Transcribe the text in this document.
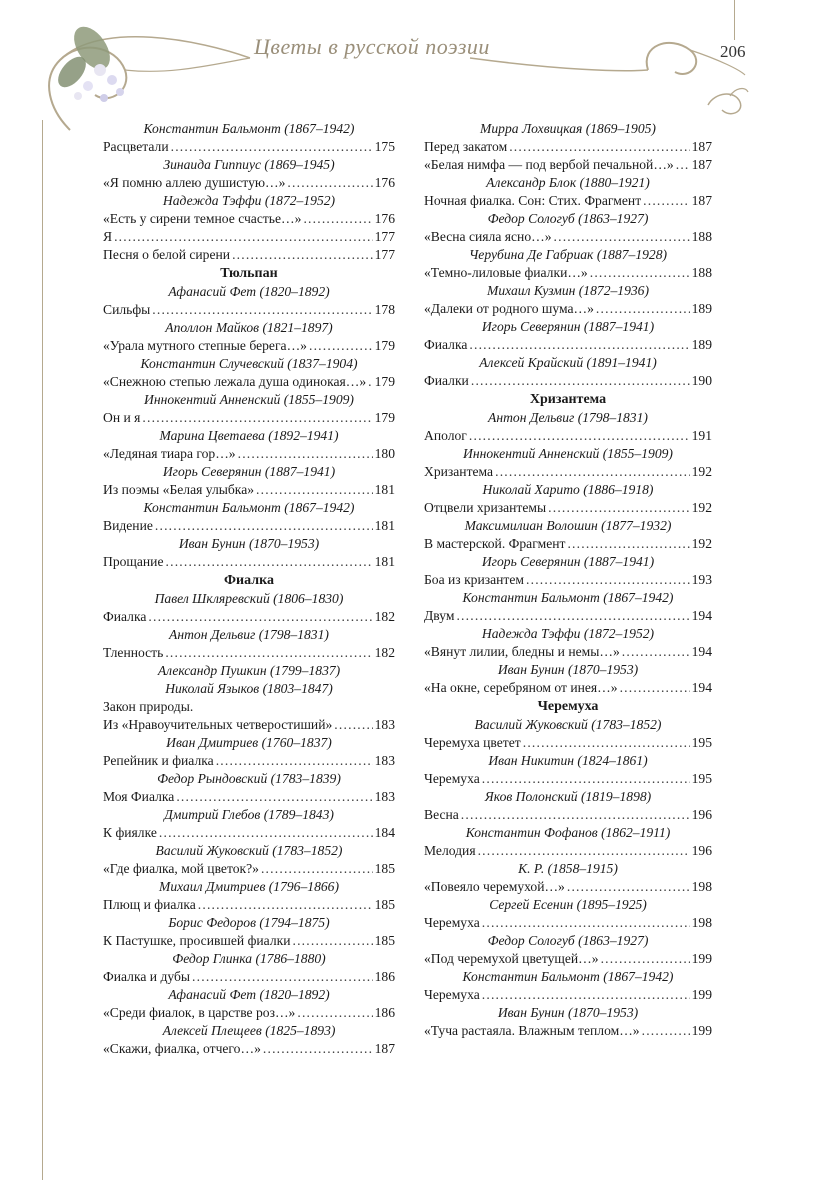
Цветы в русской поэзии	206
Константин Бальмонт (1867–1942)
Расцветали .....	175
Зинаида Гиппиус (1869–1945)
«Я помню аллею душистую…» .....	176
Надежда Тэффи (1872–1952)
«Есть у сирени темное счастье…» .....	176
Я .....	177
Песня о белой сирени .....	177
Тюльпан
Афанасий Фет (1820–1892)
Сильфы .....	178
Аполлон Майков (1821–1897)
«Урала мутного степные берега…» .....	179
Константин Случевский (1837–1904)
«Снежною степью лежала душа одинокая…» ..... 179
Иннокентий Анненский (1855–1909)
Он и я .....	179
Марина Цветаева (1892–1941)
«Ледяная тиара гор…» .....	180
Игорь Северянин (1887–1941)
Из поэмы «Белая улыбка» .....	181
Константин Бальмонт (1867–1942)
Видение .....	181
Иван Бунин (1870–1953)
Прощание .....	181
Фиалка
Павел Шкляревский (1806–1830)
Фиалка .....	182
Антон Дельвиг (1798–1831)
Тленность .....	182
Александр Пушкин (1799–1837)
Николай Языков (1803–1847)
Закон природы.
Из «Нравоучительных четверостиший» .....	183
Иван Дмитриев (1760–1837)
Репейник и фиалка .....	183
Федор Рындовский (1783–1839)
Моя Фиалка .....	183
Дмитрий Глебов (1789–1843)
К фиялке .....	184
Василий Жуковский (1783–1852)
«Где фиалка, мой цветок?» .....	185
Михаил Дмитриев (1796–1866)
Плющ и фиалка .....	185
Борис Федоров (1794–1875)
К Пастушке, просившей фиалки .....	185
Федор Глинка (1786–1880)
Фиалка и дубы .....	186
Афанасий Фет (1820–1892)
«Среди фиалок, в царстве роз…» .....	186
Алексей Плещеев (1825–1893)
«Скажи, фиалка, отчего…» .....	187
Мирра Лохвицкая (1869–1905)
Перед закатом .....	187
«Белая нимфа — под вербой печальной…» ..... 187
Александр Блок (1880–1921)
Ночная фиалка. Сон: Стих. Фрагмент .....	187
Федор Сологуб (1863–1927)
«Весна сияла ясно…» .....	188
Черубина Де Габриак (1887–1928)
«Темно-лиловые фиалки…» .....	188
Михаил Кузмин (1872–1936)
«Далеки от родного шума…» .....	189
Игорь Северянин (1887–1941)
Фиалка .....	189
Алексей Крайский (1891–1941)
Фиалки .....	190
Хризантема
Антон Дельвиг (1798–1831)
Аполог .....	191
Иннокентий Анненский (1855–1909)
Хризантема .....	192
Николай Харито (1886–1918)
Отцвели хризантемы .....	192
Максимилиан Волошин (1877–1932)
В мастерской. Фрагмент .....	192
Игорь Северянин (1887–1941)
Боа из кризантем .....	193
Константин Бальмонт (1867–1942)
Двум .....	194
Надежда Тэффи (1872–1952)
«Вянут лилии, бледны и немы…» .....	194
Иван Бунин (1870–1953)
«На окне, серебряном от инея…» .....	194
Черемуха
Василий Жуковский (1783–1852)
Черемуха цветет .....	195
Иван Никитин (1824–1861)
Черемуха .....	195
Яков Полонский (1819–1898)
Весна .....	196
Константин Фофанов (1862–1911)
Мелодия .....	196
К. Р. (1858–1915)
«Повеяло черемухой…» .....	198
Сергей Есенин (1895–1925)
Черемуха .....	198
Федор Сологуб (1863–1927)
«Под черемухой цветущей…» .....	199
Константин Бальмонт (1867–1942)
Черемуха .....	199
Иван Бунин (1870–1953)
«Туча растаяла. Влажным теплом…» .....	199
